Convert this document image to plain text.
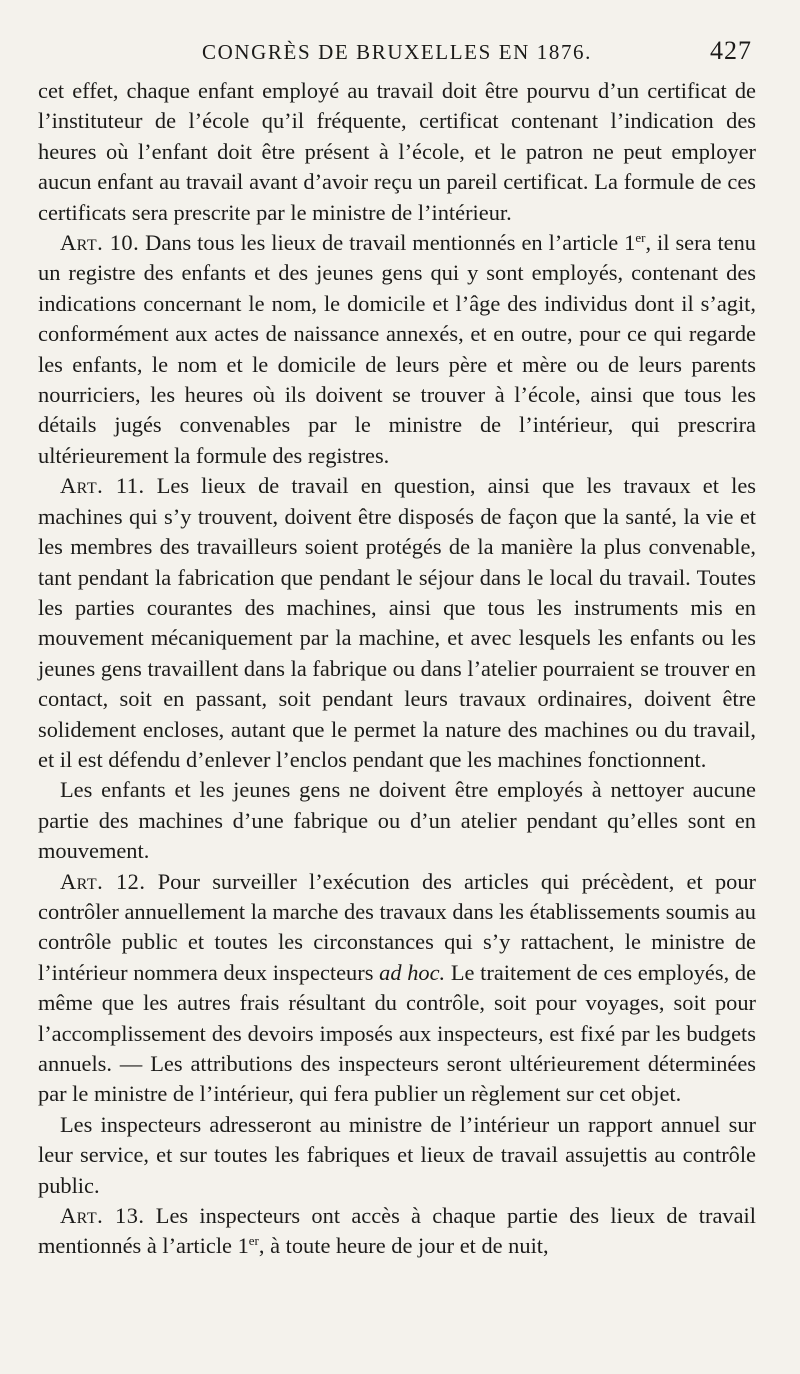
CONGRÈS DE BRUXELLES EN 1876.	427

cet effet, chaque enfant employé au travail doit être pourvu d’un certificat de l’instituteur de l’école qu’il fréquente, certificat contenant l’indication des heures où l’enfant doit être présent à l’école, et le patron ne peut employer aucun enfant au travail avant d’avoir reçu un pareil certificat. La formule de ces certificats sera prescrite par le ministre de l’intérieur.

Art. 10. Dans tous les lieux de travail mentionnés en l’article 1er, il sera tenu un registre des enfants et des jeunes gens qui y sont employés, contenant des indications concernant le nom, le domicile et l’âge des individus dont il s’agit, conformément aux actes de naissance annexés, et en outre, pour ce qui regarde les enfants, le nom et le domicile de leurs père et mère ou de leurs parents nourriciers, les heures où ils doivent se trouver à l’école, ainsi que tous les détails jugés convenables par le ministre de l’intérieur, qui prescrira ultérieurement la formule des registres.

Art. 11. Les lieux de travail en question, ainsi que les travaux et les machines qui s’y trouvent, doivent être disposés de façon que la santé, la vie et les membres des travailleurs soient protégés de la manière la plus convenable, tant pendant la fabrication que pendant le séjour dans le local du travail. Toutes les parties courantes des machines, ainsi que tous les instruments mis en mouvement mécaniquement par la machine, et avec lesquels les enfants ou les jeunes gens travaillent dans la fabrique ou dans l’atelier pourraient se trouver en contact, soit en passant, soit pendant leurs travaux ordinaires, doivent être solidement encloses, autant que le permet la nature des machines ou du travail, et il est défendu d’enlever l’enclos pendant que les machines fonctionnent.

Les enfants et les jeunes gens ne doivent être employés à nettoyer aucune partie des machines d’une fabrique ou d’un atelier pendant qu’elles sont en mouvement.

Art. 12. Pour surveiller l’exécution des articles qui précèdent, et pour contrôler annuellement la marche des travaux dans les établissements soumis au contrôle public et toutes les circonstances qui s’y rattachent, le ministre de l’intérieur nommera deux inspecteurs ad hoc. Le traitement de ces employés, de même que les autres frais résultant du contrôle, soit pour voyages, soit pour l’accomplissement des devoirs imposés aux inspecteurs, est fixé par les budgets annuels. — Les attributions des inspecteurs seront ultérieurement déterminées par le ministre de l’intérieur, qui fera publier un règlement sur cet objet.

Les inspecteurs adresseront au ministre de l’intérieur un rapport annuel sur leur service, et sur toutes les fabriques et lieux de travail assujettis au contrôle public.

Art. 13. Les inspecteurs ont accès à chaque partie des lieux de travail mentionnés à l’article 1er, à toute heure de jour et de nuit,
